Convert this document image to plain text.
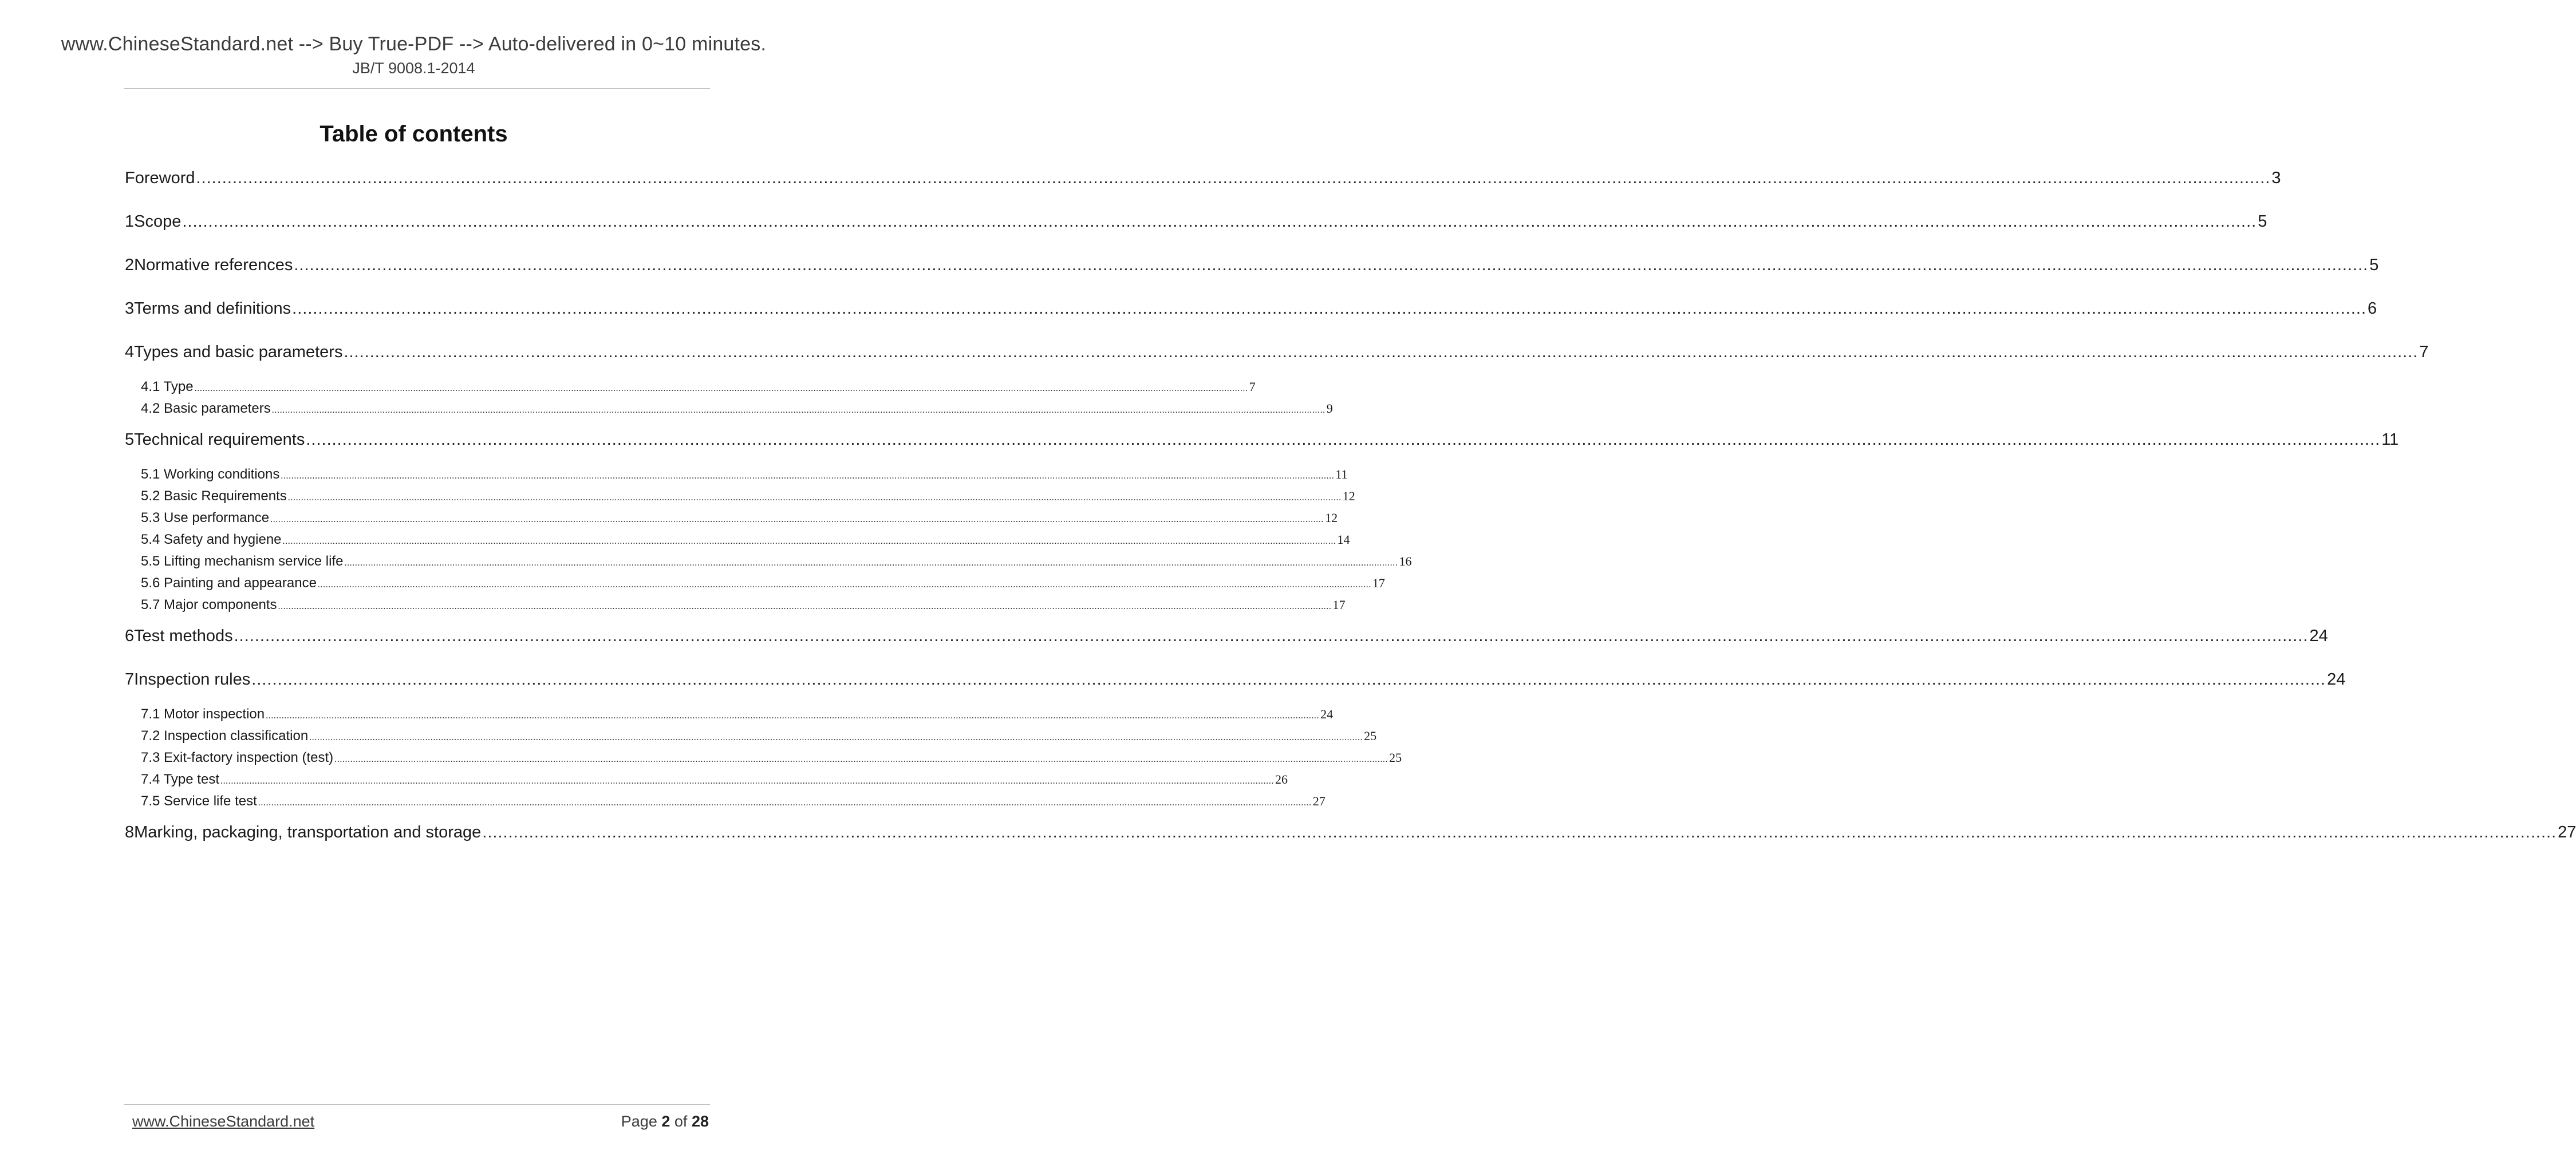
www.ChineseStandard.net --> Buy True-PDF --> Auto-delivered in 0~10 minutes.
JB/T 9008.1-2014
Table of contents
Foreword ................................................................................................................................................................................................................................................................................................................................................................................................................ 3
1 Scope ................................................................................................................................................................................................................................................................................................................................................................................................................ 5
2 Normative references ................................................................................................................................................................................................................................................................................................................................................................................................................ 5
3 Terms and definitions ................................................................................................................................................................................................................................................................................................................................................................................................................ 6
4 Types and basic parameters ................................................................................................................................................................................................................................................................................................................................................................................................................ 7
4.1 Type ................................................................................................................................................................................................................................................................................................................................................................................................................ 7
4.2 Basic parameters ................................................................................................................................................................................................................................................................................................................................................................................................................ 9
5 Technical requirements ................................................................................................................................................................................................................................................................................................................................................................................................................ 11
5.1 Working conditions ................................................................................................................................................................................................................................................................................................................................................................................................................ 11
5.2 Basic Requirements ................................................................................................................................................................................................................................................................................................................................................................................................................ 12
5.3 Use performance ................................................................................................................................................................................................................................................................................................................................................................................................................ 12
5.4 Safety and hygiene ................................................................................................................................................................................................................................................................................................................................................................................................................ 14
5.5 Lifting mechanism service life ................................................................................................................................................................................................................................................................................................................................................................................................................ 16
5.6 Painting and appearance ................................................................................................................................................................................................................................................................................................................................................................................................................ 17
5.7 Major components ................................................................................................................................................................................................................................................................................................................................................................................................................ 17
6 Test methods ................................................................................................................................................................................................................................................................................................................................................................................................................ 24
7 Inspection rules ................................................................................................................................................................................................................................................................................................................................................................................................................ 24
7.1 Motor inspection ................................................................................................................................................................................................................................................................................................................................................................................................................ 24
7.2 Inspection classification ................................................................................................................................................................................................................................................................................................................................................................................................................ 25
7.3 Exit-factory inspection (test) ................................................................................................................................................................................................................................................................................................................................................................................................................ 25
7.4 Type test ................................................................................................................................................................................................................................................................................................................................................................................................................ 26
7.5 Service life test ................................................................................................................................................................................................................................................................................................................................................................................................................ 27
8 Marking, packaging, transportation and storage ................................................................................................................................................................................................................................................................................................................................................................................................................ 27
www.ChineseStandard.net	Page 2 of 28
